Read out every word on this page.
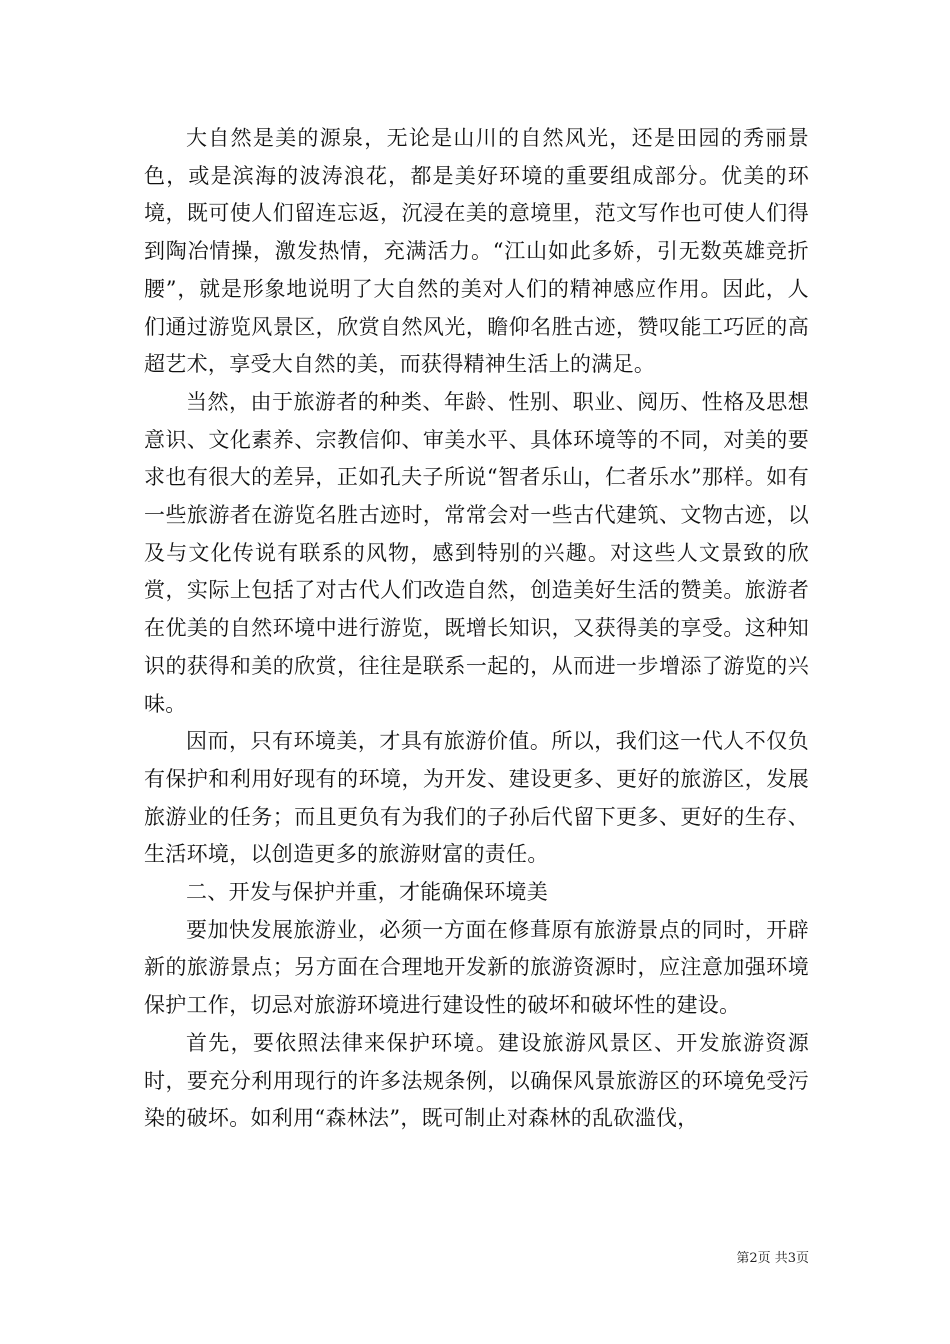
大自然是美的源泉，无论是山川的自然风光，还是田园的秀丽景色，或是滨海的波涛浪花，都是美好环境的重要组成部分。优美的环境，既可使人们留连忘返，沉浸在美的意境里，范文写作也可使人们得到陶冶情操，激发热情，充满活力。“江山如此多娇，引无数英雄竞折腰”，就是形象地说明了大自然的美对人们的精神感应作用。因此，人们通过游览风景区，欣赏自然风光，瞻仰名胜古迹，赞叹能工巧匠的高超艺术，享受大自然的美，而获得精神生活上的满足。

当然，由于旅游者的种类、年龄、性别、职业、阅历、性格及思想意识、文化素养、宗教信仰、审美水平、具体环境等的不同，对美的要求也有很大的差异，正如孔夫子所说“智者乐山，仁者乐水”那样。如有一些旅游者在游览名胜古迹时，常常会对一些古代建筑、文物古迹，以及与文化传说有联系的风物，感到特别的兴趣。对这些人文景致的欣赏，实际上包括了对古代人们改造自然，创造美好生活的赞美。旅游者在优美的自然环境中进行游览，既增长知识，又获得美的享受。这种知识的获得和美的欣赏，往往是联系一起的，从而进一步增添了游览的兴味。

因而，只有环境美，才具有旅游价值。所以，我们这一代人不仅负有保护和利用好现有的环境，为开发、建设更多、更好的旅游区，发展旅游业的任务；而且更负有为我们的子孙后代留下更多、更好的生存、生活环境，以创造更多的旅游财富的责任。

二、开发与保护并重，才能确保环境美

要加快发展旅游业，必须一方面在修葺原有旅游景点的同时，开辟新的旅游景点；另方面在合理地开发新的旅游资源时，应注意加强环境保护工作，切忌对旅游环境进行建设性的破坏和破坏性的建设。

首先，要依照法律来保护环境。建设旅游风景区、开发旅游资源时，要充分利用现行的许多法规条例，以确保风景旅游区的环境免受污染的破坏。如利用“森林法”，既可制止对森林的乱砍滥伐，

第2页 共3页
